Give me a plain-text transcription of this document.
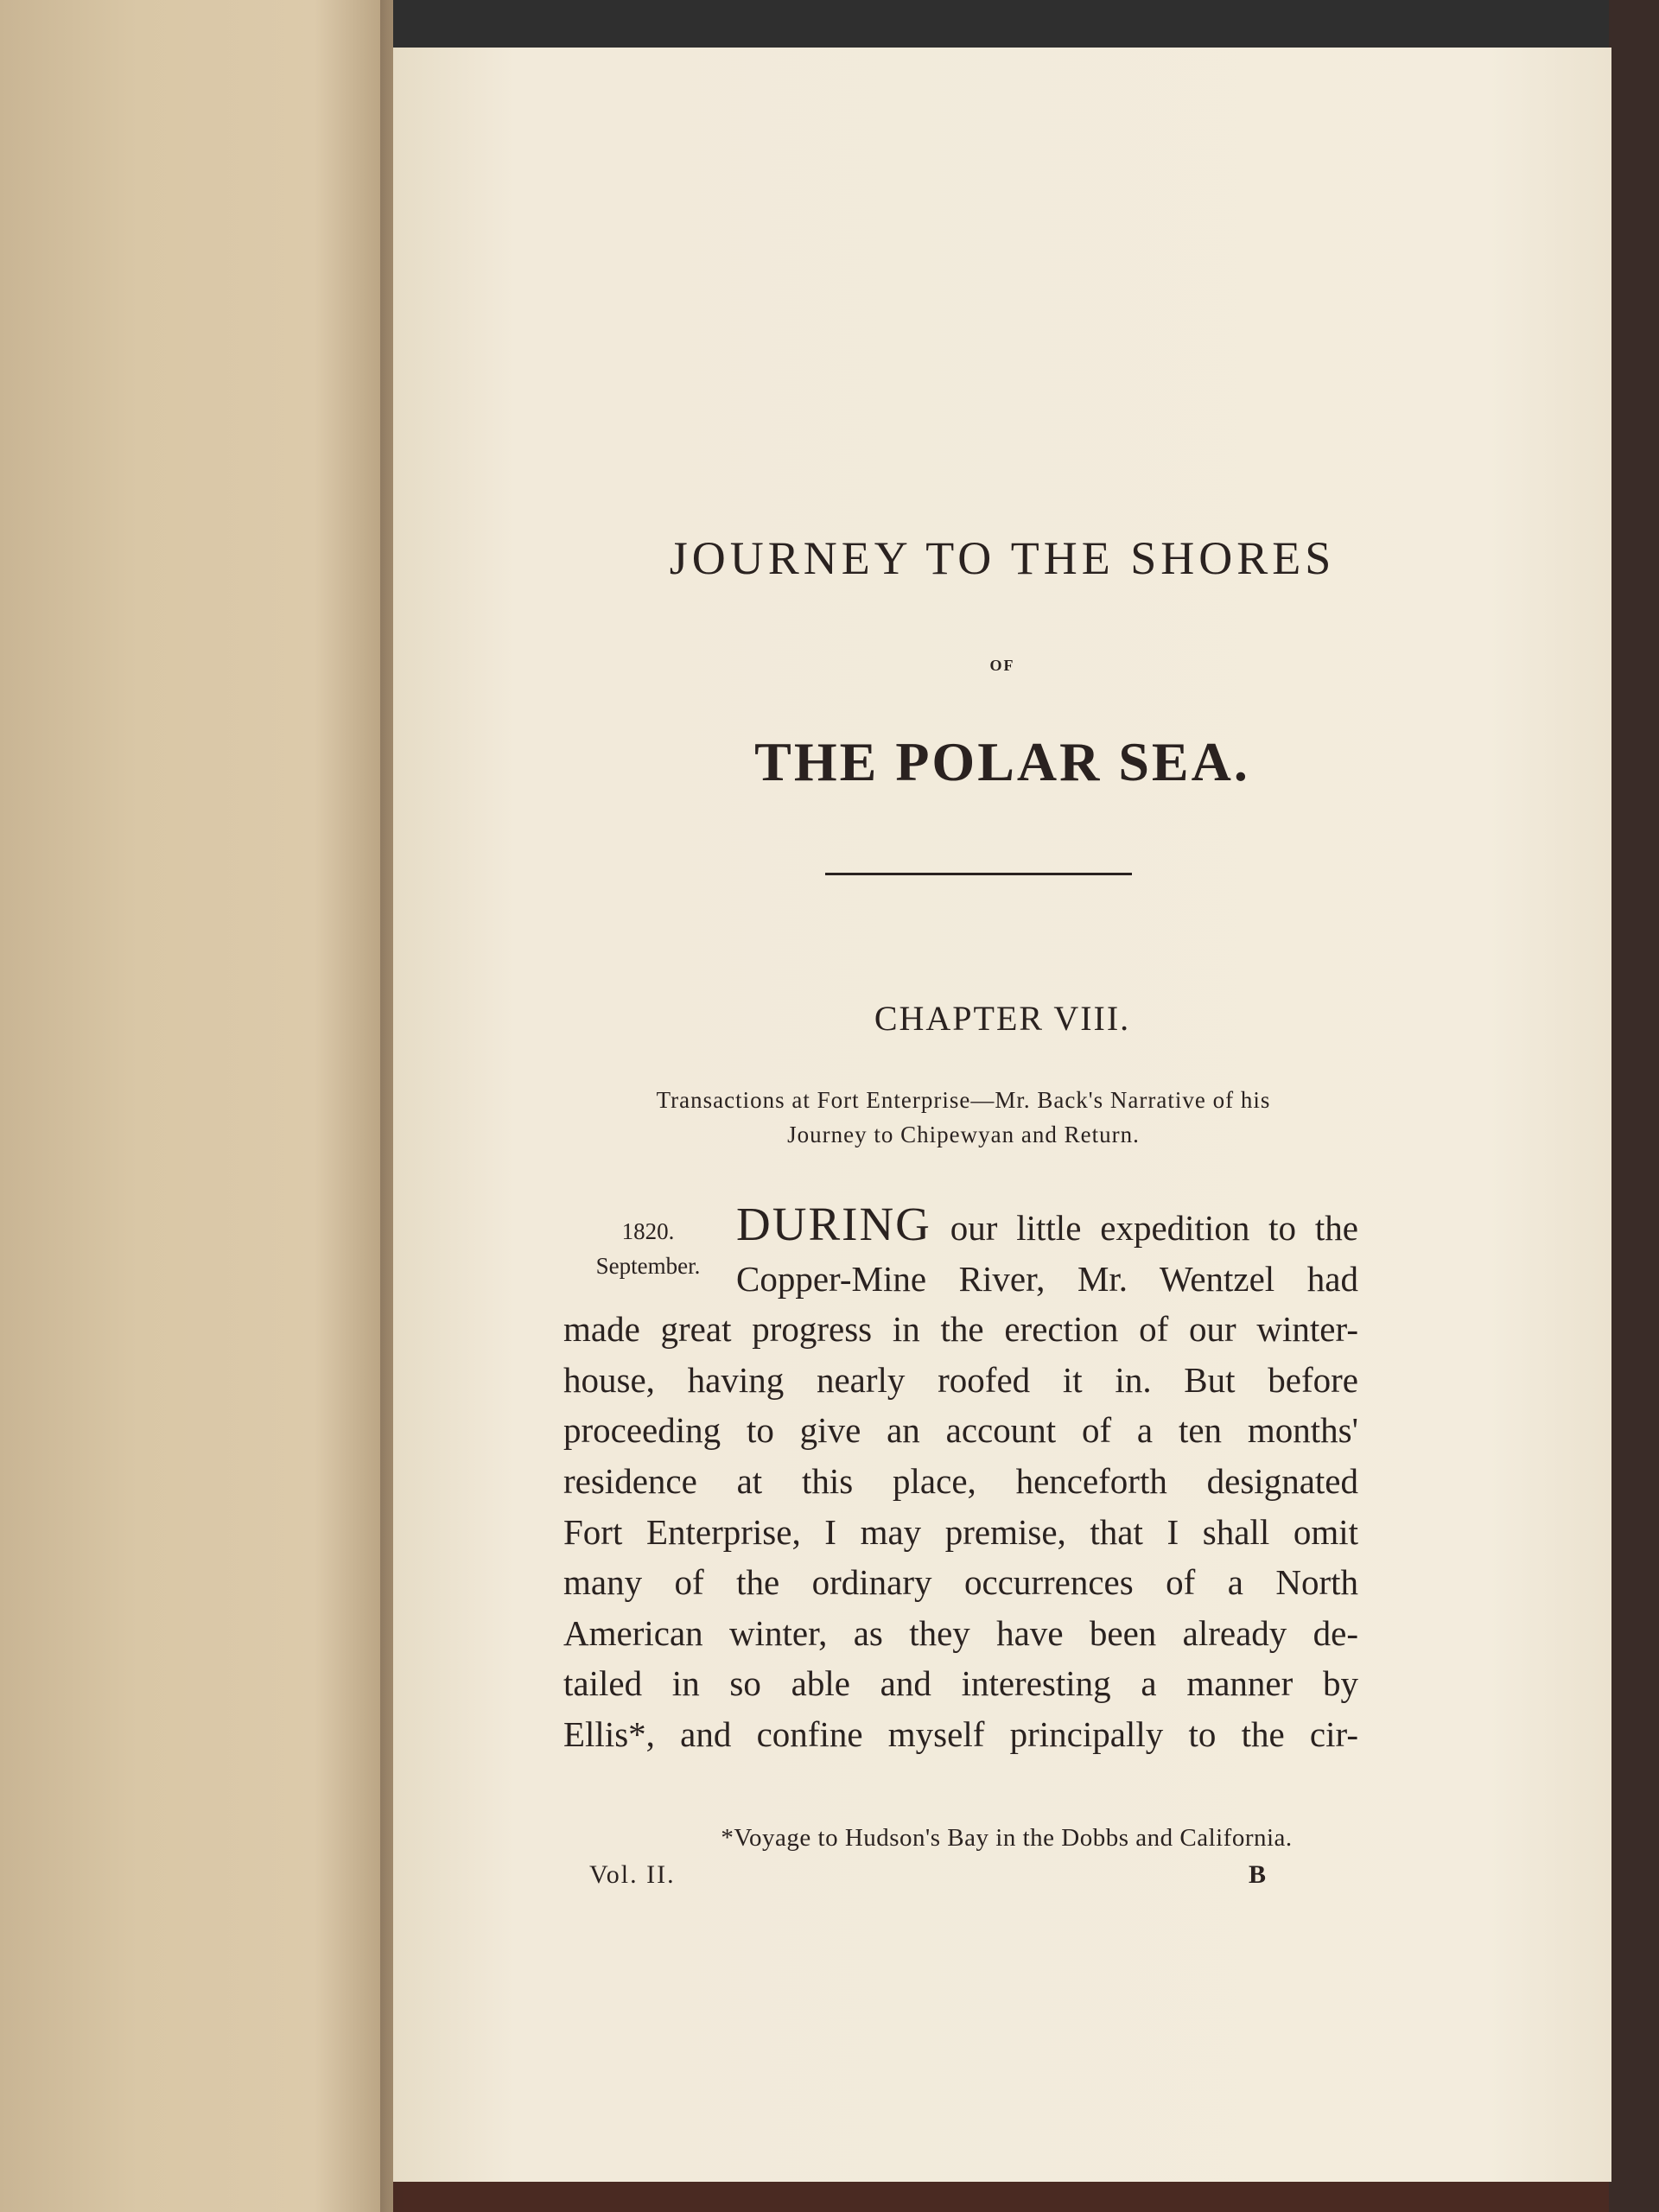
JOURNEY TO THE SHORES
OF
THE POLAR SEA.
CHAPTER VIII.
Transactions at Fort Enterprise—Mr. Back's Narrative of his
Journey to Chipewyan and Return.
1820.
September.
DURING our little expedition to the
Copper-Mine River, Mr. Wentzel had
made great progress in the erection of our winter-
house, having nearly roofed it in. But before
proceeding to give an account of a ten months'
residence at this place, henceforth designated
Fort Enterprise, I may premise, that I shall omit
many of the ordinary occurrences of a North
American winter, as they have been already de-
tailed in so able and interesting a manner by
Ellis*, and confine myself principally to the cir-
*Voyage to Hudson's Bay in the Dobbs and California.
Vol. II.	B
